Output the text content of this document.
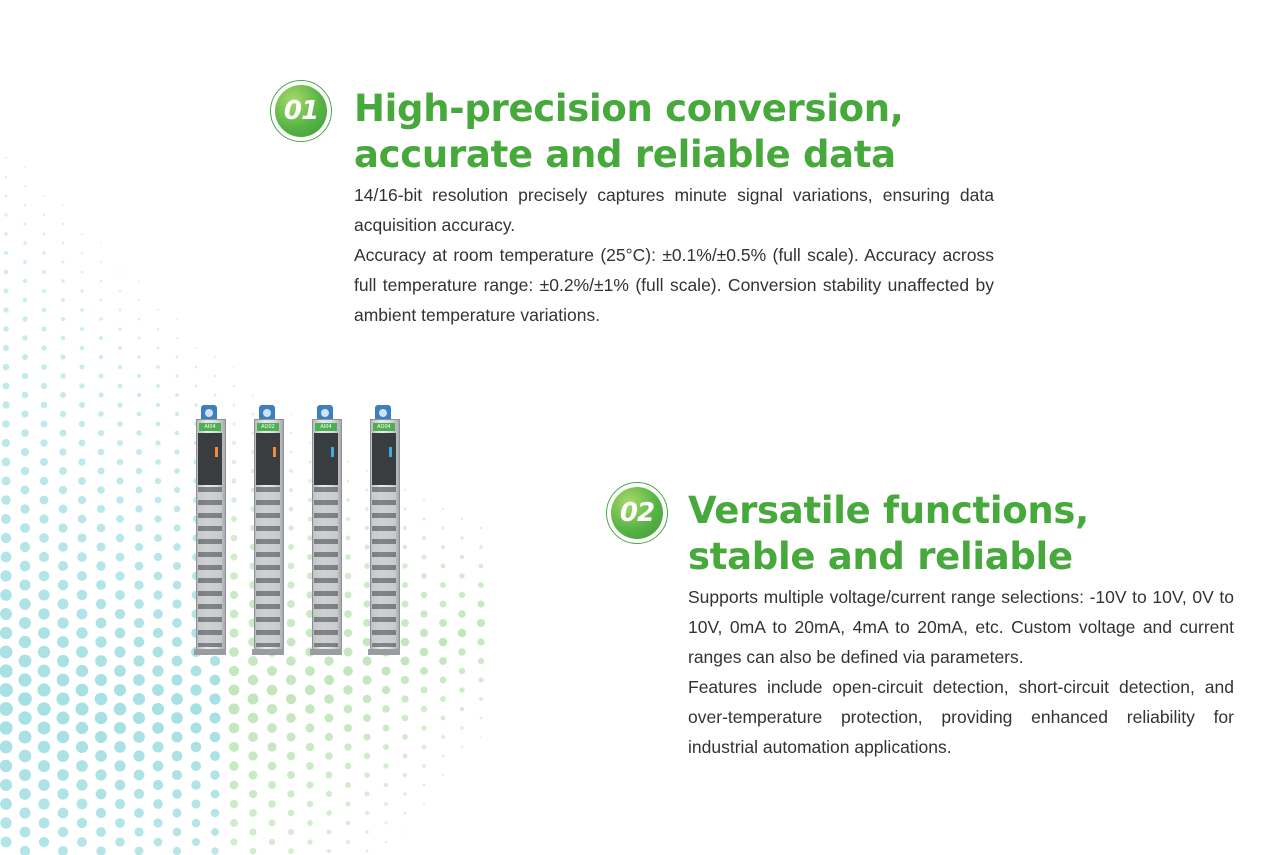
01 High-precision conversion,
accurate and reliable data

14/16-bit resolution precisely captures minute signal variations, ensuring data acquisition accuracy.

Accuracy at room temperature (25°C): ±0.1%/±0.5% (full scale). Accuracy across full temperature range: ±0.2%/±1% (full scale). Conversion stability unaffected by ambient temperature variations.

AI04	AO02	AI04	AO04
02 Versatile functions,
stable and reliable

Supports multiple voltage/current range selections: -10V to 10V, 0V to 10V, 0mA to 20mA, 4mA to 20mA, etc. Custom voltage and current ranges can also be defined via parameters.

Features include open-circuit detection, short-circuit detection, and over-temperature protection, providing enhanced reliability for industrial automation applications.
